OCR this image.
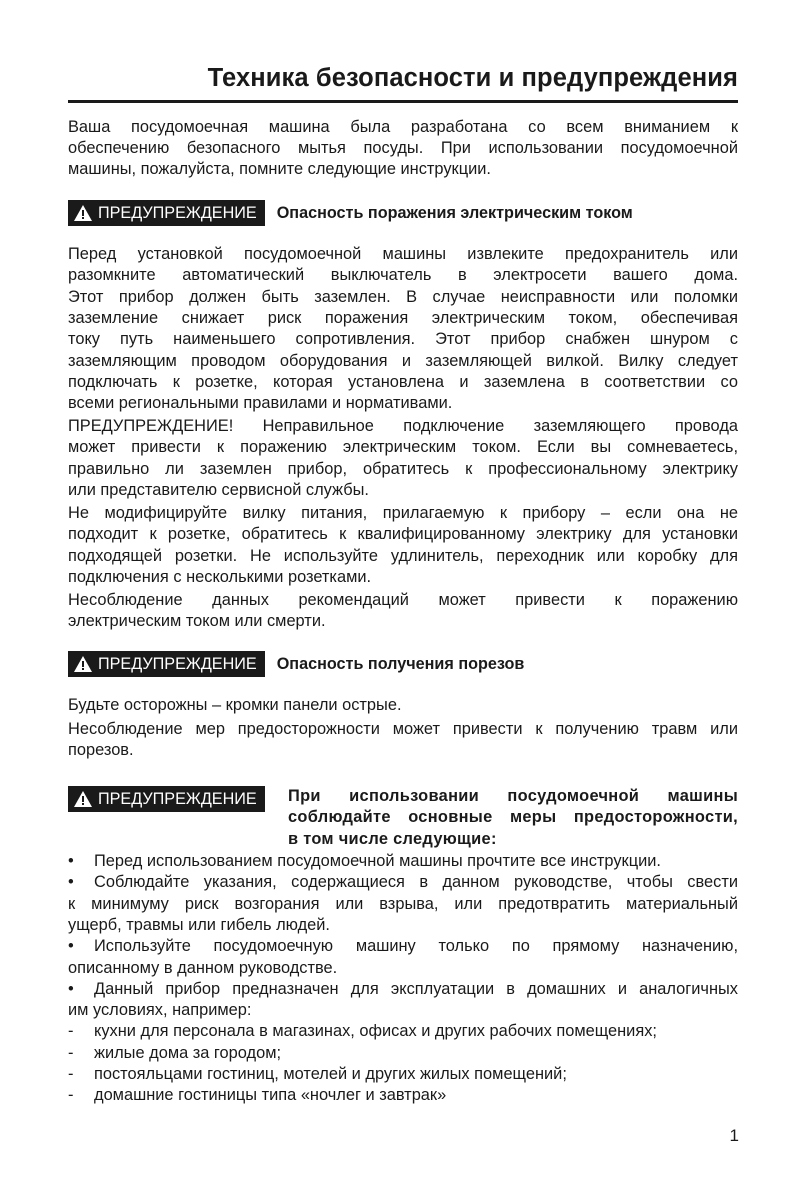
Техника безопасности и предупреждения
Ваша посудомоечная машина была разработана со всем вниманием к
обеспечению безопасного мытья посуды. При использовании посудомоечной
машины, пожалуйста, помните следующие инструкции.
ПРЕДУПРЕЖДЕНИЕ Опасность поражения электрическим током
Перед установкой посудомоечной машины извлеките предохранитель или
разомкните автоматический выключатель в электросети вашего дома.
Этот прибор должен быть заземлен. В случае неисправности или поломки
заземление снижает риск поражения электрическим током, обеспечивая
току путь наименьшего сопротивления. Этот прибор снабжен шнуром с
заземляющим проводом оборудования и заземляющей вилкой. Вилку следует
подключать к розетке, которая установлена и заземлена в соответствии со
всеми региональными правилами и нормативами.
ПРЕДУПРЕЖДЕНИЕ! Неправильное подключение заземляющего провода
может привести к поражению электрическим током. Если вы сомневаетесь,
правильно ли заземлен прибор, обратитесь к профессиональному электрику
или представителю сервисной службы.
Не модифицируйте вилку питания, прилагаемую к прибору – если она не
подходит к розетке, обратитесь к квалифицированному электрику для установки
подходящей розетки. Не используйте удлинитель, переходник или коробку для
подключения с несколькими розетками.
Несоблюдение данных рекомендаций может привести к поражению
электрическим током или смерти.
ПРЕДУПРЕЖДЕНИЕ Опасность получения порезов
Будьте осторожны – кромки панели острые.
Несоблюдение мер предосторожности может привести к получению травм или
порезов.
ПРЕДУПРЕЖДЕНИЕ При использовании посудомоечной машины
соблюдайте основные меры предосторожности,
в том числе следующие:
• Перед использованием посудомоечной машины прочтите все инструкции.
• Соблюдайте указания, содержащиеся в данном руководстве, чтобы свести
к минимуму риск возгорания или взрыва, или предотвратить материальный
ущерб, травмы или гибель людей.
• Используйте посудомоечную машину только по прямому назначению,
описанному в данном руководстве.
• Данный прибор предназначен для эксплуатации в домашних и аналогичных
им условиях, например:
- кухни для персонала в магазинах, офисах и других рабочих помещениях;
- жилые дома за городом;
- постояльцами гостиниц, мотелей и других жилых помещений;
- домашние гостиницы типа «ночлег и завтрак»
1
